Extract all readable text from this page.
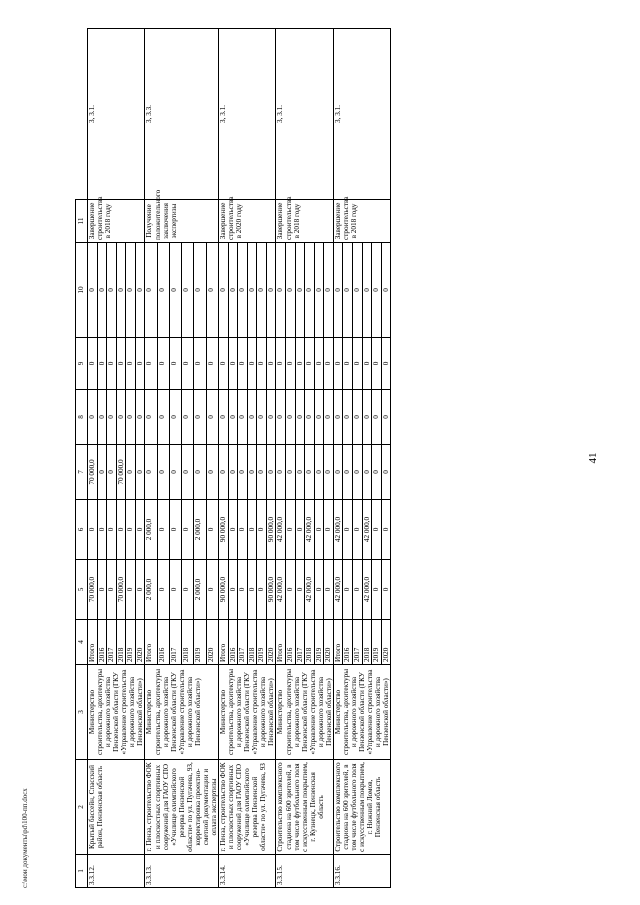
1	2	3	4	5	6	7	8	9	10	11	
3.3.12.	Крытый бассейн, Спасский район, Пензенская область	Министерство строительства, архитектуры и дорожного хозяйства Пензенской области (ГКУ «Управление строительства и дорожного хозяйства Пензенской области»)	Итого	70 000,0	0	70 000,0	0	0	0	Завершение строительства в 2018 году	3, 3.1.
			2016	0	0	0	0	0	0		
			2017	0	0	0	0	0	0		
			2018	70 000,0	0	70 000,0	0	0	0		
			2019	0	0	0	0	0	0		
			2020	0	0	0	0	0	0		
3.3.13.	г. Пенза, строительство ФОК и плоскостных спортивных сооружений для ГАОУ СПО «Училище олимпийского резерва Пензенской области» по ул. Пугачева, 93, корректировка проектно-сметной документации и оплата экспертизы	Министерство строительства, архитектуры и дорожного хозяйства Пензенской области (ГКУ «Управление строительства и дорожного хозяйства Пензенской области»)	Итого	2 000,0	2 000,0	0	0	0	0	Получение положительного заключения экспертизы	3, 3.3.
			2016	0	0	0	0	0	0		
			2017	0	0	0	0	0	0		
			2018	0	0	0	0	0	0		
			2019	2 000,0	2 000,0	0	0	0	0		
			2020	0	0	0	0	0	0		
3.3.14.	г. Пенза, строительство ФОК и плоскостных спортивных сооружений для ГАОУ СПО «Училище олимпийского резерва Пензенской области» по ул. Пугачева, 93	Министерство строительства, архитектуры и дорожного хозяйства Пензенской области (ГКУ «Управление строительства и дорожного хозяйства Пензенской области»)	Итого	90 000,0	90 000,0	0	0	0	0	Завершение строительства в 2020 году	3, 3.1.
			2016	0	0	0	0	0	0		
			2017	0	0	0	0	0	0		
			2018	0	0	0	0	0	0		
			2019	0	0	0	0	0	0		
			2020	90 000,0	90 000,0	0	0	0	0		
3.3.15.	Строительство комплексного стадиона на 600 зрителей, в том числе футбольного поля с искусственным покрытием, г. Кузнецк, Пензенская область	Министерство строительства, архитектуры и дорожного хозяйства Пензенской области (ГКУ «Управление строительства и дорожного хозяйства Пензенской области»)	Итого	42 000,0	42 000,0	0	0	0	0	Завершение строительства в 2018 году	3, 3.1.
			2016	0	0	0	0	0	0		
			2017	0	0	0	0	0	0		
			2018	42 000,0	42 000,0	0	0	0	0		
			2019	0	0	0	0	0	0		
			2020	0	0	0	0	0	0		
3.3.16.	Строительство комплексного стадиона на 600 зрителей, в том числе футбольного поля с искусственным покрытием, г. Нижний Ломов, Пензенская область	Министерство строительства, архитектуры и дорожного хозяйства Пензенской области (ГКУ «Управление строительства и дорожного хозяйства Пензенской области»)	Итого	42 000,0	42 000,0	0	0	0	0	Завершение строительства в 2018 году	3, 3.1.
			2016	0	0	0	0	0	0		
			2017	0	0	0	0	0	0		
			2018	42 000,0	42 000,0	0	0	0	0		
			2019	0	0	0	0	0	0		
			2020	0	0	0	0	0	0		
41
c:\мои документы\рd\100-пп.docx
